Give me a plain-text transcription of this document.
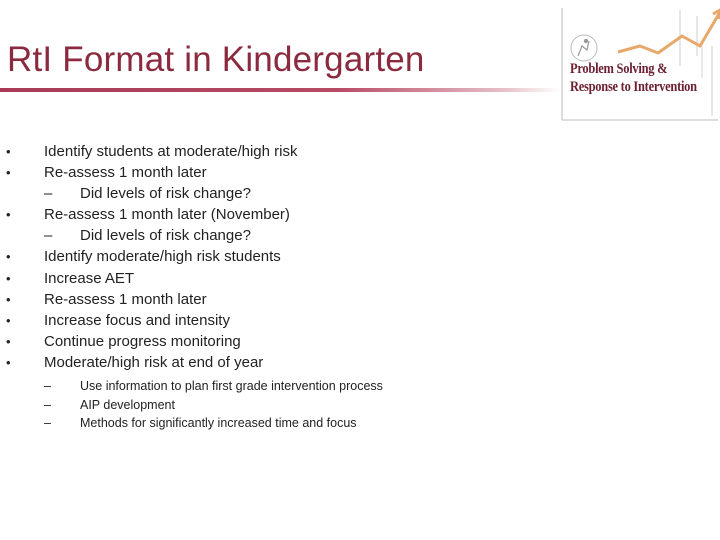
RtI Format in Kindergarten	Problem Solving &
Response to Intervention
• Identify students at moderate/high risk
• Re-assess 1 month later
– Did levels of risk change?
• Re-assess 1 month later (November)
– Did levels of risk change?
• Identify moderate/high risk students
• Increase AET
• Re-assess 1 month later
• Increase focus and intensity
• Continue progress monitoring
• Moderate/high risk at end of year
– Use information to plan first grade intervention process
– AIP development
– Methods for significantly increased time and focus
